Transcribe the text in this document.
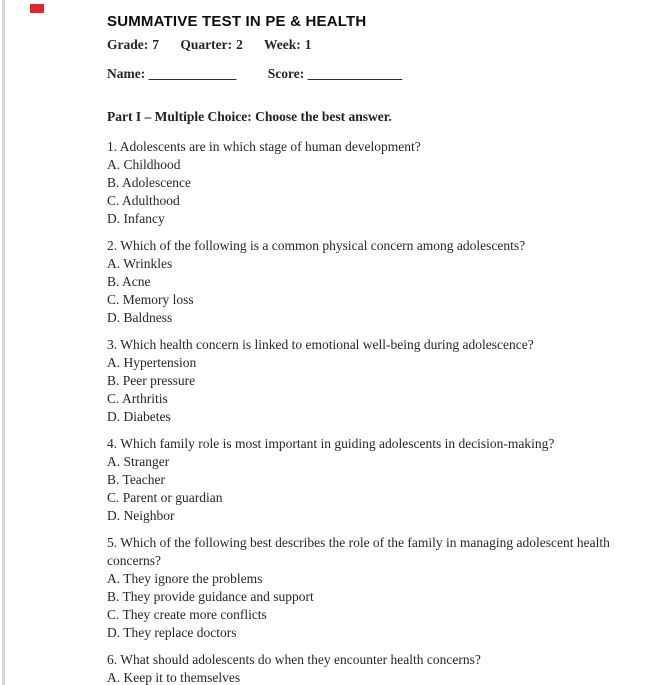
SUMMATIVE TEST IN PE & HEALTH
Grade: 7 Quarter: 2 Week: 1
Name: _____________ Score: ______________
Part I – Multiple Choice: Choose the best answer.
1. Adolescents are in which stage of human development?
A. Childhood
B. Adolescence
C. Adulthood
D. Infancy
2. Which of the following is a common physical concern among adolescents?
A. Wrinkles
B. Acne
C. Memory loss
D. Baldness
3. Which health concern is linked to emotional well-being during adolescence?
A. Hypertension
B. Peer pressure
C. Arthritis
D. Diabetes
4. Which family role is most important in guiding adolescents in decision-making?
A. Stranger
B. Teacher
C. Parent or guardian
D. Neighbor
5. Which of the following best describes the role of the family in managing adolescent health concerns?
A. They ignore the problems
B. They provide guidance and support
C. They create more conflicts
D. They replace doctors
6. What should adolescents do when they encounter health concerns?
A. Keep it to themselves
